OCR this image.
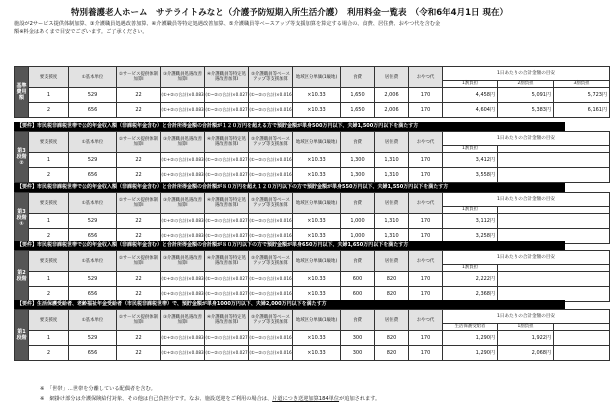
特別養護老人ホーム　サテライトみなと（介護予防短期入所生活介護）　利用料金一覧表　（令和6年4月1日 現在）
施設が2サービス提供体制加算、③介護職員処遇改善加算、④介護職員等特定処遇改善加算、⑤介護職員等ベースアップ等支援加算を算定する場合の、食費、居住費、おやつ代を含む金
額※料金はあくまで目安でございます。ご了承ください。
基準費用額	要支援度	①基本単位	②サービス提供体制加算Ⅰ	③介護職員処遇改善加算Ⅰ	④介護職員等特定処遇改善加算Ⅰ	⑤介護職員等ベースアップ等支援加算	地域区分単価(1級地)	食費	居住費	おやつ代	1日あたりの合計金額の目安		
											1割負担	2割負担	3割負担
	1	529	22	(①+②の合計)×0.083	(①~②の合計)×0.027	(①~②の合計)×0.016	×10.33	1,650	2,006	170	4,458円	5,091円	5,723円
	2	656	22	(①+②の合計)×0.083	(①~②の合計)×0.027	(①~②の合計)×0.016	×10.33	1,650	2,006	170	4,604円	5,383円	6,161円
【要件】市民税非課税世帯で公的年金収入額（非課税年金含む）と合計所得金額の合計額が１２０万円を超える方で預貯金額が単身500万円以下、夫婦1,500万円以下を満たす方
第3段階②	要支援度	①基本単位	②サービス提供体制加算Ⅰ	③介護職員処遇改善加算Ⅰ	④介護職員等特定処遇改善加算Ⅰ	⑤介護職員等ベースアップ等支援加算	地域区分単価(1級地)	食費	居住費	おやつ代	1日あたりの合計金額の目安	
											1割負担	
	1	529	22	(①+②の合計)×0.083	(①~②の合計)×0.027	(①~②の合計)×0.016	×10.33	1,300	1,310	170	3,412円	
	2	656	22	(①+②の合計)×0.083	(①~②の合計)×0.027	(①~②の合計)×0.016	×10.33	1,300	1,310	170	3,558円	
【要件】市民税非課税世帯で公的年金収入額（非課税年金含む）と合計所得金額の合計額が８０万円を超え１２０万円以下の方で預貯金額が単身550万円以下、夫婦1,550万円以下を満たす方
第3段階①	要支援度	①基本単位	②サービス提供体制加算Ⅰ	③介護職員処遇改善加算Ⅰ	④介護職員等特定処遇改善加算Ⅰ	⑤介護職員等ベースアップ等支援加算	地域区分単価(1級地)	食費	居住費	おやつ代	1日あたりの合計金額の目安	
											1割負担	
	1	529	22	(①+②の合計)×0.083	(①~②の合計)×0.027	(①~②の合計)×0.016	×10.33	1,000	1,310	170	3,112円	
	2	656	22	(①+②の合計)×0.083	(①~②の合計)×0.027	(①~②の合計)×0.016	×10.33	1,000	1,310	170	3,258円	
【要件】市民税非課税世帯で公的年金収入額（非課税年金含む）と合計所得金額の合計額が８０万円以下の方で預貯金額が単身650万円以下、夫婦1,650万円以下を満たす方
第2段階	要支援度	①基本単位	②サービス提供体制加算Ⅰ	③介護職員処遇改善加算Ⅰ	④介護職員等特定処遇改善加算Ⅰ	⑤介護職員等ベースアップ等支援加算	地域区分単価(1級地)	食費	居住費	おやつ代	1日あたりの合計金額の目安	
											1割負担	
	1	529	22	(①+②の合計)×0.083	(①~②の合計)×0.027	(①~②の合計)×0.016	×10.33	600	820	170	2,222円	
	2	656	22	(①+②の合計)×0.083	(①~②の合計)×0.027	(①~②の合計)×0.016	×10.33	600	820	170	2,368円	
【要件】生活保護受給者、老齢福祉年金受給者（市民税非課税世帯）で、預貯金額が単身1000万円以下、夫婦2,000万円以下を満たす方
第1段階	要支援度	①基本単位	②サービス提供体制加算Ⅰ	③介護職員処遇改善加算Ⅰ	④介護職員等特定処遇改善加算Ⅰ	⑤介護職員等ベースアップ等支援加算	地域区分単価(1級地)	食費	居住費	おやつ代	1日あたりの合計金額の目安		
											生活保護受給者	1割負担	
	1	529	22	(①+②の合計)×0.083	(①~②の合計)×0.027	(①~②の合計)×0.016	×10.33	300	820	170	1,290円	1,922円	
	2	656	22	(①+②の合計)×0.083	(①~②の合計)×0.027	(①~②の合計)×0.016	×10.33	300	820	170	1,290円	2,068円	
※　「世帯」…世帯を分離している配偶者を含む。
※　網掛け部分は介護保険給付対象、その他は自己負担分です。なお、施設送迎をご利用の場合は、片道につき送迎加算184単位が追加されます。
